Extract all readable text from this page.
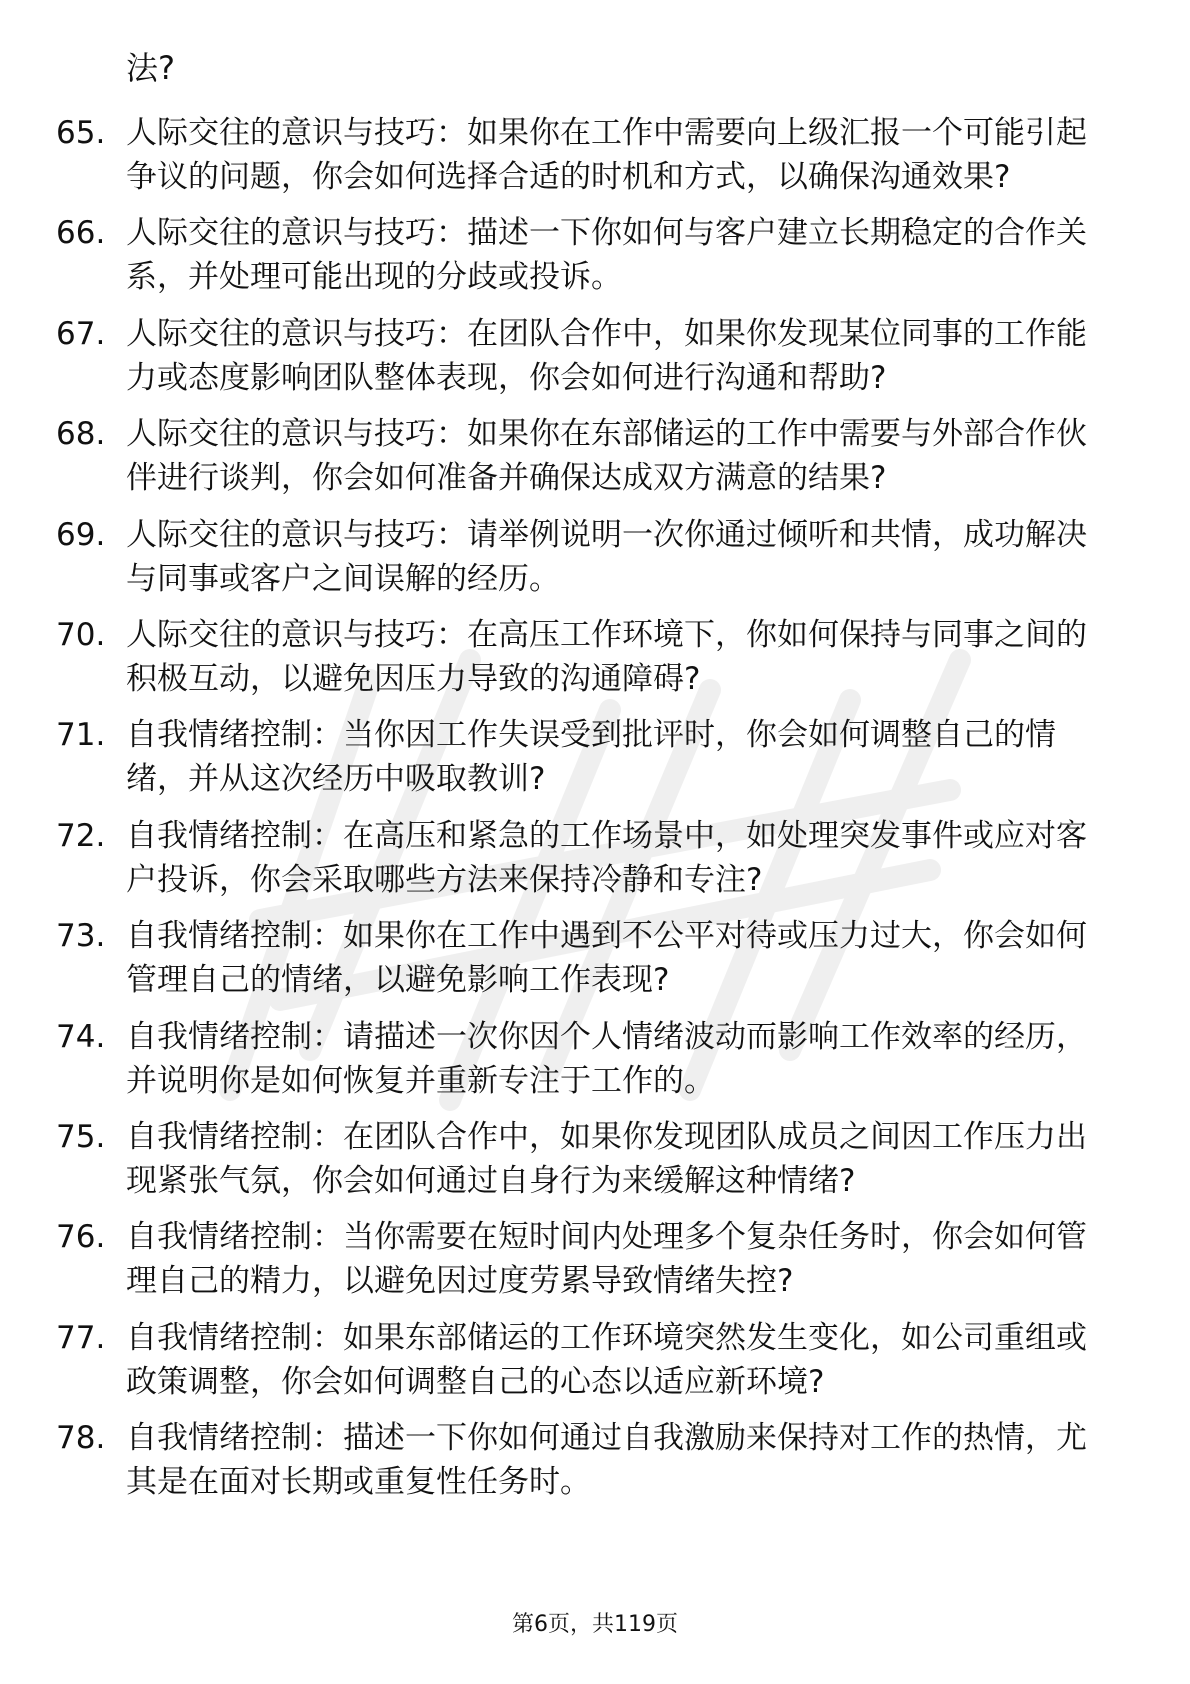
法?
65. 人际交往的意识与技巧：如果你在工作中需要向上级汇报一个可能引起争议的问题，你会如何选择合适的时机和方式，以确保沟通效果?
66. 人际交往的意识与技巧：描述一下你如何与客户建立长期稳定的合作关系，并处理可能出现的分歧或投诉。
67. 人际交往的意识与技巧：在团队合作中，如果你发现某位同事的工作能力或态度影响团队整体表现，你会如何进行沟通和帮助?
68. 人际交往的意识与技巧：如果你在东部储运的工作中需要与外部合作伙伴进行谈判，你会如何准备并确保达成双方满意的结果?
69. 人际交往的意识与技巧：请举例说明一次你通过倾听和共情，成功解决与同事或客户之间误解的经历。
70. 人际交往的意识与技巧：在高压工作环境下，你如何保持与同事之间的积极互动，以避免因压力导致的沟通障碍?
71. 自我情绪控制：当你因工作失误受到批评时，你会如何调整自己的情绪，并从这次经历中吸取教训?
72. 自我情绪控制：在高压和紧急的工作场景中，如处理突发事件或应对客户投诉，你会采取哪些方法来保持冷静和专注?
73. 自我情绪控制：如果你在工作中遇到不公平对待或压力过大，你会如何管理自己的情绪，以避免影响工作表现?
74. 自我情绪控制：请描述一次你因个人情绪波动而影响工作效率的经历，并说明你是如何恢复并重新专注于工作的。
75. 自我情绪控制：在团队合作中，如果你发现团队成员之间因工作压力出现紧张气氛，你会如何通过自身行为来缓解这种情绪?
76. 自我情绪控制：当你需要在短时间内处理多个复杂任务时，你会如何管理自己的精力，以避免因过度劳累导致情绪失控?
77. 自我情绪控制：如果东部储运的工作环境突然发生变化，如公司重组或政策调整，你会如何调整自己的心态以适应新环境?
78. 自我情绪控制：描述一下你如何通过自我激励来保持对工作的热情，尤其是在面对长期或重复性任务时。
第6页，共119页
